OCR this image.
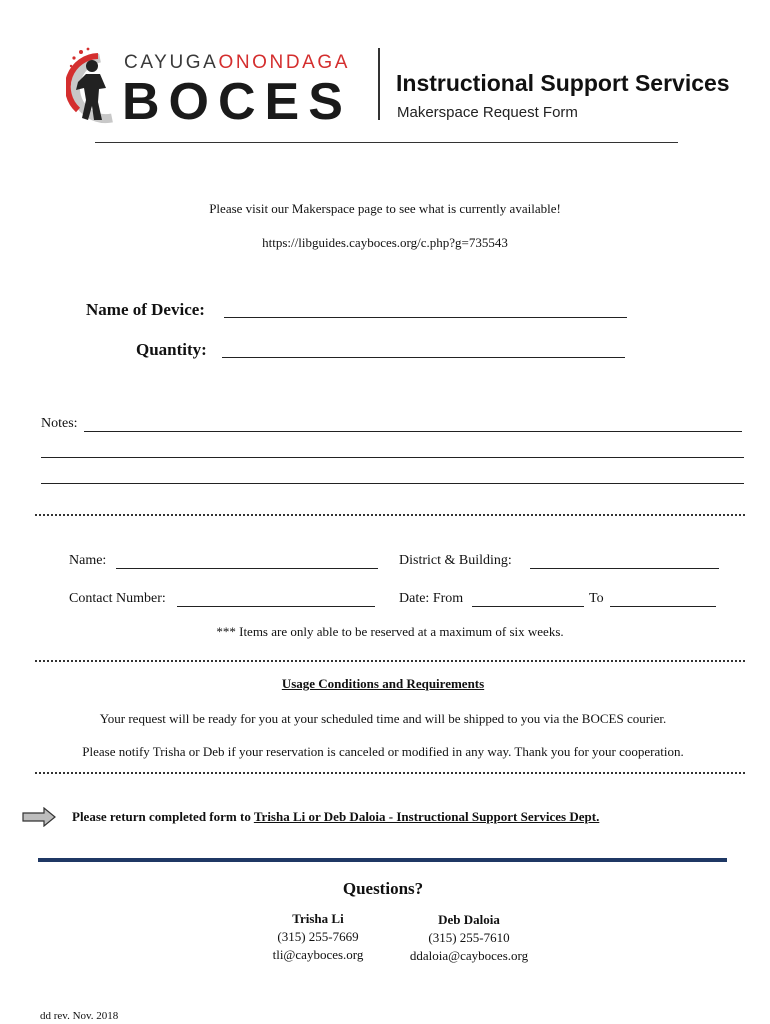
CAYUGAONONDAGA
BOCES Instructional Support Services
Makerspace Request Form
Please visit our Makerspace page to see what is currently available!
https://libguides.cayboces.org/c.php?g=735543
Name of Device:
Quantity:
Notes:
Name:	District & Building:
Contact Number:	Date: From	To
*** Items are only able to be reserved at a maximum of six weeks.
Usage Conditions and Requirements
Your request will be ready for you at your scheduled time and will be shipped to you via the BOCES courier.
Please notify Trisha or Deb if your reservation is canceled or modified in any way. Thank you for your cooperation.
Please return completed form to Trisha Li or Deb Daloia - Instructional Support Services Dept.
Questions?
Trisha Li
(315) 255-7669
tli@cayboces.org
Deb Daloia
(315) 255-7610
ddaloia@cayboces.org
dd rev. Nov. 2018
